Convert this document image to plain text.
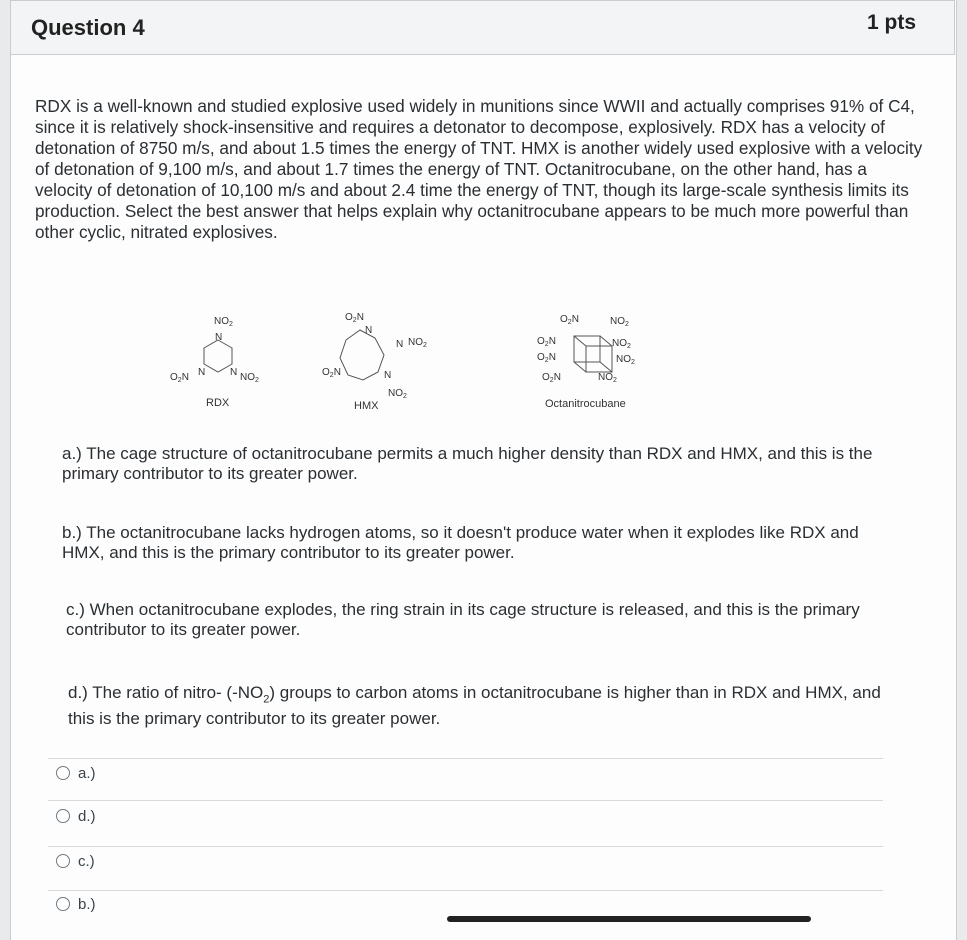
Question 4	1 pts
RDX is a well-known and studied explosive used widely in munitions since WWII and actually comprises 91% of C4, since it is relatively shock-insensitive and requires a detonator to decompose, explosively. RDX has a velocity of detonation of 8750 m/s, and about 1.5 times the energy of TNT. HMX is another widely used explosive with a velocity of detonation of 9,100 m/s, and about 1.7 times the energy of TNT. Octanitrocubane, on the other hand, has a velocity of detonation of 10,100 m/s and about 2.4 time the energy of TNT, though its large-scale synthesis limits its production. Select the best answer that helps explain why octanitrocubane appears to be much more powerful than other cyclic, nitrated explosives.
$NO_2$
N
$O_2N$ N N $NO_2$
$O_2N$
N
N $NO_2$
$O_2N$	N
$NO_2$
$O_2N$	$NO_2$
$O_2N$	$NO_2$
$O_2N$	$NO_2$
$O_2N$	$NO_2$
RDX	HMX	Octanitrocubane
a.) The cage structure of octanitrocubane permits a much higher density than RDX and HMX, and this is the primary contributor to its greater power.
b.) The octanitrocubane lacks hydrogen atoms, so it doesn't produce water when it explodes like RDX and HMX, and this is the primary contributor to its greater power.
c.) When octanitrocubane explodes, the ring strain in its cage structure is released, and this is the primary contributor to its greater power.
d.) The ratio of nitro- $(-NO_2)$ groups to carbon atoms in octanitrocubane is higher than in RDX and HMX, and this is the primary contributor to its greater power.
a.)
d.)
c.)
b.)
